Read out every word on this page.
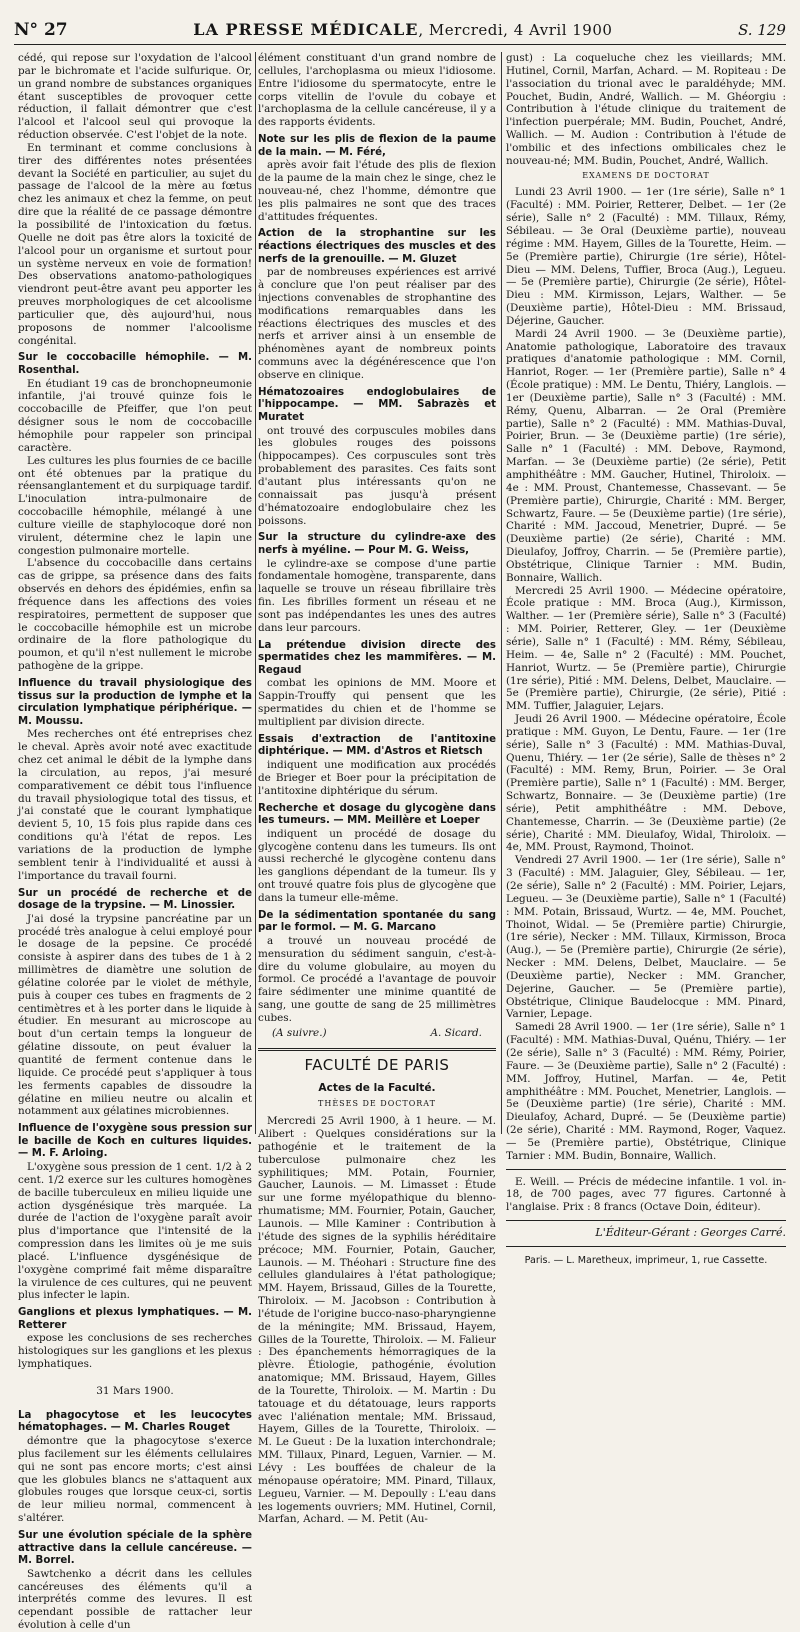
N° 27	LA PRESSE MÉDICALE, Mercredi, 4 Avril 1900	S. 129

cédé, qui repose sur l'oxydation de l'alcool par le bichromate et l'acide sulfurique. Or, un grand nombre de substances organiques étant susceptibles de provoquer cette réduction, il fallait démontrer que c'est l'alcool et l'alcool seul qui provoque la réduction observée. C'est l'objet de la note.

En terminant et comme conclusions à tirer des différentes notes présentées devant la Société en particulier, au sujet du passage de l'alcool de la mère au fœtus chez les animaux et chez la femme, on peut dire que la réalité de ce passage démontre la possibilité de l'intoxication du fœtus. Quelle ne doit pas être alors la toxicité de l'alcool pour un organisme et surtout pour un système nerveux en voie de formation! Des observations anatomo-pathologiques viendront peut-être avant peu apporter les preuves morphologiques de cet alcoolisme particulier que, dès aujourd'hui, nous proposons de nommer l'alcoolisme congénital.

Sur le coccobacille hémophile. — M. Rosenthal.

En étudiant 19 cas de bronchopneumonie infantile, j'ai trouvé quinze fois le coccobacille de Pfeiffer, que l'on peut désigner sous le nom de coccobacille hémophile pour rappeler son principal caractère.

Les cultures les plus fournies de ce bacille ont été obtenues par la pratique du réensanglantement et du surpiquage tardif. L'inoculation intra-pulmonaire de coccobacille hémophile, mélangé à une culture vieille de staphylocoque doré non virulent, détermine chez le lapin une congestion pulmonaire mortelle.

L'absence du coccobacille dans certains cas de grippe, sa présence dans des faits observés en dehors des épidémies, enfin sa fréquence dans les affections des voies respiratoires, permettent de supposer que le coccobacille hémophile est un microbe ordinaire de la flore pathologique du poumon, et qu'il n'est nullement le microbe pathogène de la grippe.

Influence du travail physiologique des tissus sur la production de lymphe et la circulation lymphatique périphérique. — M. Moussu.

Mes recherches ont été entreprises chez le cheval. Après avoir noté avec exactitude chez cet animal le débit de la lymphe dans la circulation, au repos, j'ai mesuré comparativement ce débit tous l'influence du travail physiologique total des tissus, et j'ai constaté que le courant lymphatique devient 5, 10, 15 fois plus rapide dans ces conditions qu'à l'état de repos. Les variations de la production de lymphe semblent tenir à l'individualité et aussi à l'importance du travail fourni.

Sur un procédé de recherche et de dosage de la trypsine. — M. Linossier.

J'ai dosé la trypsine pancréatine par un procédé très analogue à celui employé pour le dosage de la pepsine. Ce procédé consiste à aspirer dans des tubes de 1 à 2 millimètres de diamètre une solution de gélatine colorée par le violet de méthyle, puis à couper ces tubes en fragments de 2 centimètres et à les porter dans le liquide à étudier. En mesurant au microscope au bout d'un certain temps la longueur de gélatine dissoute, on peut évaluer la quantité de ferment contenue dans le liquide. Ce procédé peut s'appliquer à tous les ferments capables de dissoudre la gélatine en milieu neutre ou alcalin et notamment aux gélatines microbiennes.

Influence de l'oxygène sous pression sur le bacille de Koch en cultures liquides. — M. F. Arloing.

L'oxygène sous pression de 1 cent. 1/2 à 2 cent. 1/2 exerce sur les cultures homogènes de bacille tuberculeux en milieu liquide une action dysgénésique très marquée. La durée de l'action de l'oxygène paraît avoir plus d'importance que l'intensité de la compression dans les limites où je me suis placé. L'influence dysgénésique de l'oxygène comprimé fait même disparaître la virulence de ces cultures, qui ne peuvent plus infecter le lapin.

Ganglions et plexus lymphatiques. — M. Retterer

expose les conclusions de ses recherches histologiques sur les ganglions et les plexus lymphatiques.

31 Mars 1900.

La phagocytose et les leucocytes hématophages. — M. Charles Rouget

démontre que la phagocytose s'exerce plus facilement sur les éléments cellulaires qui ne sont pas encore morts; c'est ainsi que les globules blancs ne s'attaquent aux globules rouges que lorsque ceux-ci, sortis de leur milieu normal, commencent à s'altérer.

Sur une évolution spéciale de la sphère attractive dans la cellule cancéreuse. — M. Borrel.

Sawtchenko a décrit dans les cellules cancéreuses des éléments qu'il a interprétés comme des levures. Il est cependant possible de rattacher leur évolution à celle d'un

élément constituant d'un grand nombre de cellules, l'archoplasma ou mieux l'idiosome. Entre l'idiosome du spermatocyte, entre le corps vitellin de l'ovule du cobaye et l'archoplasma de la cellule cancéreuse, il y a des rapports évidents.

Note sur les plis de flexion de la paume de la main. — M. Féré,

après avoir fait l'étude des plis de flexion de la paume de la main chez le singe, chez le nouveau-né, chez l'homme, démontre que les plis palmaires ne sont que des traces d'attitudes fréquentes.

Action de la strophantine sur les réactions électriques des muscles et des nerfs de la grenouille. — M. Gluzet

par de nombreuses expériences est arrivé à conclure que l'on peut réaliser par des injections convenables de strophantine des modifications remarquables dans les réactions électriques des muscles et des nerfs et arriver ainsi à un ensemble de phénomènes ayant de nombreux points communs avec la dégénérescence que l'on observe en clinique.

Hématozoaires endoglobulaires de l'hippocampe. — MM. Sabrazès et Muratet

ont trouvé des corpuscules mobiles dans les globules rouges des poissons (hippocampes). Ces corpuscules sont très probablement des parasites. Ces faits sont d'autant plus intéressants qu'on ne connaissait pas jusqu'à présent d'hématozoaire endoglobulaire chez les poissons.

Sur la structure du cylindre-axe des nerfs à myéline. — Pour M. G. Weiss,

le cylindre-axe se compose d'une partie fondamentale homogène, transparente, dans laquelle se trouve un réseau fibrillaire très fin. Les fibrilles forment un réseau et ne sont pas indépendantes les unes des autres dans leur parcours.

La prétendue division directe des spermatides chez les mammifères. — M. Regaud

combat les opinions de MM. Moore et Sappin-Trouffy qui pensent que les spermatides du chien et de l'homme se multiplient par division directe.

Essais d'extraction de l'antitoxine diphtérique. — MM. d'Astros et Rietsch

indiquent une modification aux procédés de Brieger et Boer pour la précipitation de l'antitoxine diphtérique du sérum.

Recherche et dosage du glycogène dans les tumeurs. — MM. Meillère et Loeper

indiquent un procédé de dosage du glycogène contenu dans les tumeurs. Ils ont aussi recherché le glycogène contenu dans les ganglions dépendant de la tumeur. Ils y ont trouvé quatre fois plus de glycogène que dans la tumeur elle-même.

De la sédimentation spontanée du sang par le formol. — M. G. Marcano

a trouvé un nouveau procédé de mensuration du sédiment sanguin, c'est-à-dire du volume globulaire, au moyen du formol. Ce procédé a l'avantage de pouvoir faire sédimenter une minime quantité de sang, une goutte de sang de 25 millimètres cubes.

(A suivre.)	A. Sicard.
FACULTÉ DE PARIS
Actes de la Faculté.
THÈSES DE DOCTORAT

Mercredi 25 Avril 1900, à 1 heure. — M. Alibert : Quelques considérations sur la pathogénie et le traitement de la tuberculose pulmonaire chez les syphilitiques; MM. Potain, Fournier, Gaucher, Launois. — M. Limasset : Étude sur une forme myélopathique du blenno-rhumatisme; MM. Fournier, Potain, Gaucher, Launois. — Mlle Kaminer : Contribution à l'étude des signes de la syphilis héréditaire précoce; MM. Fournier, Potain, Gaucher, Launois. — M. Théohari : Structure fine des cellules glandulaires à l'état pathologique; MM. Hayem, Brissaud, Gilles de la Tourette, Thiroloix. — M. Jacobson : Contribution à l'étude de l'origine bucco-naso-pharyngienne de la méningite; MM. Brissaud, Hayem, Gilles de la Tourette, Thiroloix. — M. Falieur : Des épanchements hémorragiques de la plèvre. Étiologie, pathogénie, évolution anatomique; MM. Brissaud, Hayem, Gilles de la Tourette, Thiroloix. — M. Martin : Du tatouage et du détatouage, leurs rapports avec l'aliénation mentale; MM. Brissaud, Hayem, Gilles de la Tourette, Thiroloix. — M. Le Gueut : De la luxation interchondrale; MM. Tillaux, Pinard, Leguen, Varnier. — M. Lévy : Les bouffées de chaleur de la ménopause opératoire; MM. Pinard, Tillaux, Legueu, Varnier. — M. Depoully : L'eau dans les logements ouvriers; MM. Hutinel, Cornil, Marfan, Achard. — M. Petit (Au-

gust) : La coqueluche chez les vieillards; MM. Hutinel, Cornil, Marfan, Achard. — M. Ropiteau : De l'association du trional avec le paraldéhyde; MM. Pouchet, Budin, André, Wallich. — M. Ghéorgiu : Contribution à l'étude clinique du traitement de l'infection puerpérale; MM. Budin, Pouchet, André, Wallich. — M. Audion : Contribution à l'étude de l'ombilic et des infections ombilicales chez le nouveau-né; MM. Budin, Pouchet, André, Wallich.

EXAMENS DE DOCTORAT

Lundi 23 Avril 1900. — 1er (1re série), Salle n° 1 (Faculté) : MM. Poirier, Retterer, Delbet. — 1er (2e série), Salle n° 2 (Faculté) : MM. Tillaux, Rémy, Sébileau. — 3e Oral (Deuxième partie), nouveau régime : MM. Hayem, Gilles de la Tourette, Heim. — 5e (Première partie), Chirurgie (1re série), Hôtel-Dieu — MM. Delens, Tuffier, Broca (Aug.), Legueu. — 5e (Première partie), Chirurgie (2e série), Hôtel-Dieu : MM. Kirmisson, Lejars, Walther. — 5e (Deuxième partie), Hôtel-Dieu : MM. Brissaud, Déjerine, Gaucher.

Mardi 24 Avril 1900. — 3e (Deuxième partie), Anatomie pathologique, Laboratoire des travaux pratiques d'anatomie pathologique : MM. Cornil, Hanriot, Roger. — 1er (Première partie), Salle n° 4 (École pratique) : MM. Le Dentu, Thiéry, Langlois. — 1er (Deuxième partie), Salle n° 3 (Faculté) : MM. Rémy, Quenu, Albarran. — 2e Oral (Première partie), Salle n° 2 (Faculté) : MM. Mathias-Duval, Poirier, Brun. — 3e (Deuxième partie) (1re série), Salle n° 1 (Faculté) : MM. Debove, Raymond, Marfan. — 3e (Deuxième partie) (2e série), Petit amphithéâtre : MM. Gaucher, Hutinel, Thiroloix. — 4e : MM. Proust, Chantemesse, Chassevant. — 5e (Première partie), Chirurgie, Charité : MM. Berger, Schwartz, Faure. — 5e (Deuxième partie) (1re série), Charité : MM. Jaccoud, Menetrier, Dupré. — 5e (Deuxième partie) (2e série), Charité : MM. Dieulafoy, Joffroy, Charrin. — 5e (Première partie), Obstétrique, Clinique Tarnier : MM. Budin, Bonnaire, Wallich.

Mercredi 25 Avril 1900. — Médecine opératoire, École pratique : MM. Broca (Aug.), Kirmisson, Walther. — 1er (Première série), Salle n° 3 (Faculté) : MM. Poirier, Retterer, Gley. — 1er (Deuxième série), Salle n° 1 (Faculté) : MM. Rémy, Sébileau, Heim. — 4e, Salle n° 2 (Faculté) : MM. Pouchet, Hanriot, Wurtz. — 5e (Première partie), Chirurgie (1re série), Pitié : MM. Delens, Delbet, Mauclaire. — 5e (Première partie), Chirurgie, (2e série), Pitié : MM. Tuffier, Jalaguier, Lejars.

Jeudi 26 Avril 1900. — Médecine opératoire, École pratique : MM. Guyon, Le Dentu, Faure. — 1er (1re série), Salle n° 3 (Faculté) : MM. Mathias-Duval, Quenu, Thiéry. — 1er (2e série), Salle de thèses n° 2 (Faculté) : MM. Remy, Brun, Poirier. — 3e Oral (Première partie), Salle n° 1 (Faculté) : MM. Berger, Schwartz, Bonnaire. — 3e (Deuxième partie) (1re série), Petit amphithéâtre : MM. Debove, Chantemesse, Charrin. — 3e (Deuxième partie) (2e série), Charité : MM. Dieulafoy, Widal, Thiroloix. — 4e, MM. Proust, Raymond, Thoinot.

Vendredi 27 Avril 1900. — 1er (1re série), Salle n° 3 (Faculté) : MM. Jalaguier, Gley, Sébileau. — 1er, (2e série), Salle n° 2 (Faculté) : MM. Poirier, Lejars, Legueu. — 3e (Deuxième partie), Salle n° 1 (Faculté) : MM. Potain, Brissaud, Wurtz. — 4e, MM. Pouchet, Thoinot, Widal. — 5e (Première partie) Chirurgie, (1re série), Necker : MM. Tillaux, Kirmisson, Broca (Aug.), — 5e (Première partie), Chirurgie (2e série), Necker : MM. Delens, Delbet, Mauclaire. — 5e (Deuxième partie), Necker : MM. Grancher, Dejerine, Gaucher. — 5e (Première partie), Obstétrique, Clinique Baudelocque : MM. Pinard, Varnier, Lepage.

Samedi 28 Avril 1900. — 1er (1re série), Salle n° 1 (Faculté) : MM. Mathias-Duval, Quénu, Thiéry. — 1er (2e série), Salle n° 3 (Faculté) : MM. Rémy, Poirier, Faure. — 3e (Deuxième partie), Salle n° 2 (Faculté) : MM. Joffroy, Hutinel, Marfan. — 4e, Petit amphithéâtre : MM. Pouchet, Menetrier, Langlois. — 5e (Deuxième partie) (1re série), Charité : MM. Dieulafoy, Achard, Dupré. — 5e (Deuxième partie) (2e série), Charité : MM. Raymond, Roger, Vaquez. — 5e (Première partie), Obstétrique, Clinique Tarnier : MM. Budin, Bonnaire, Wallich.

E. Weill. — Précis de médecine infantile. 1 vol. in-18, de 700 pages, avec 77 figures. Cartonné à l'anglaise. Prix : 8 francs (Octave Doin, éditeur).

L'Éditeur-Gérant : Georges Carré.

Paris. — L. Maretheux, imprimeur, 1, rue Cassette.
